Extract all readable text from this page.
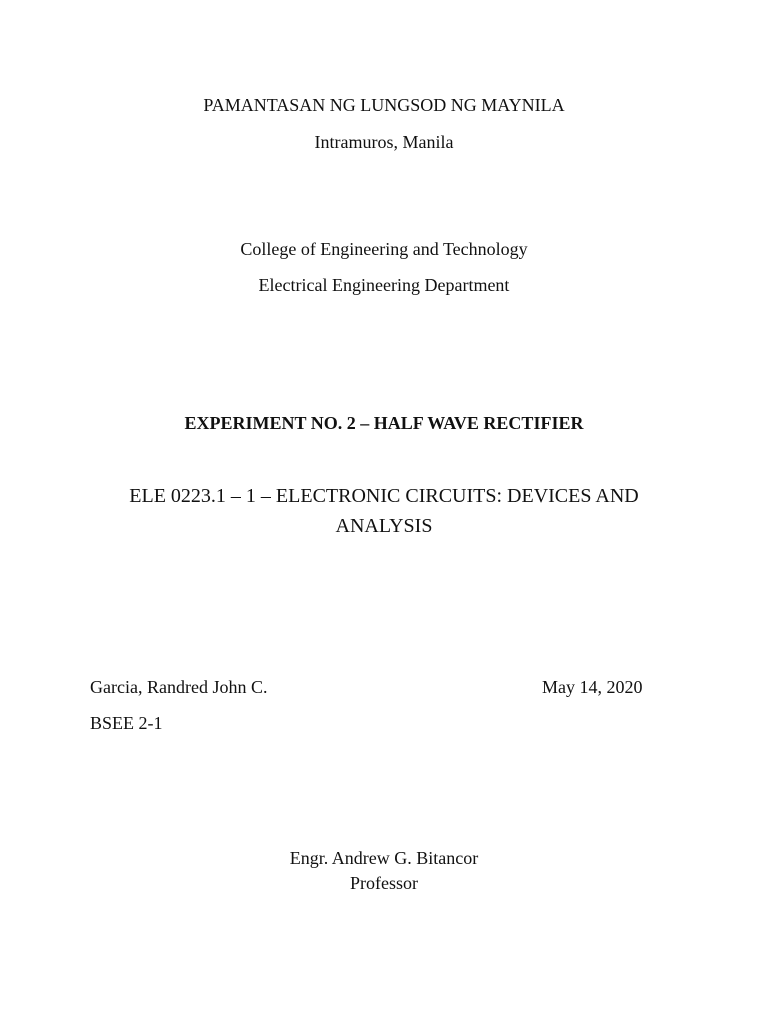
PAMANTASAN NG LUNGSOD NG MAYNILA
Intramuros, Manila
College of Engineering and Technology
Electrical Engineering Department
EXPERIMENT NO. 2 – HALF WAVE RECTIFIER
ELE 0223.1 – 1 – ELECTRONIC CIRCUITS: DEVICES AND
ANALYSIS
Garcia, Randred John C.	May 14, 2020
BSEE 2-1
Engr. Andrew G. Bitancor
Professor
